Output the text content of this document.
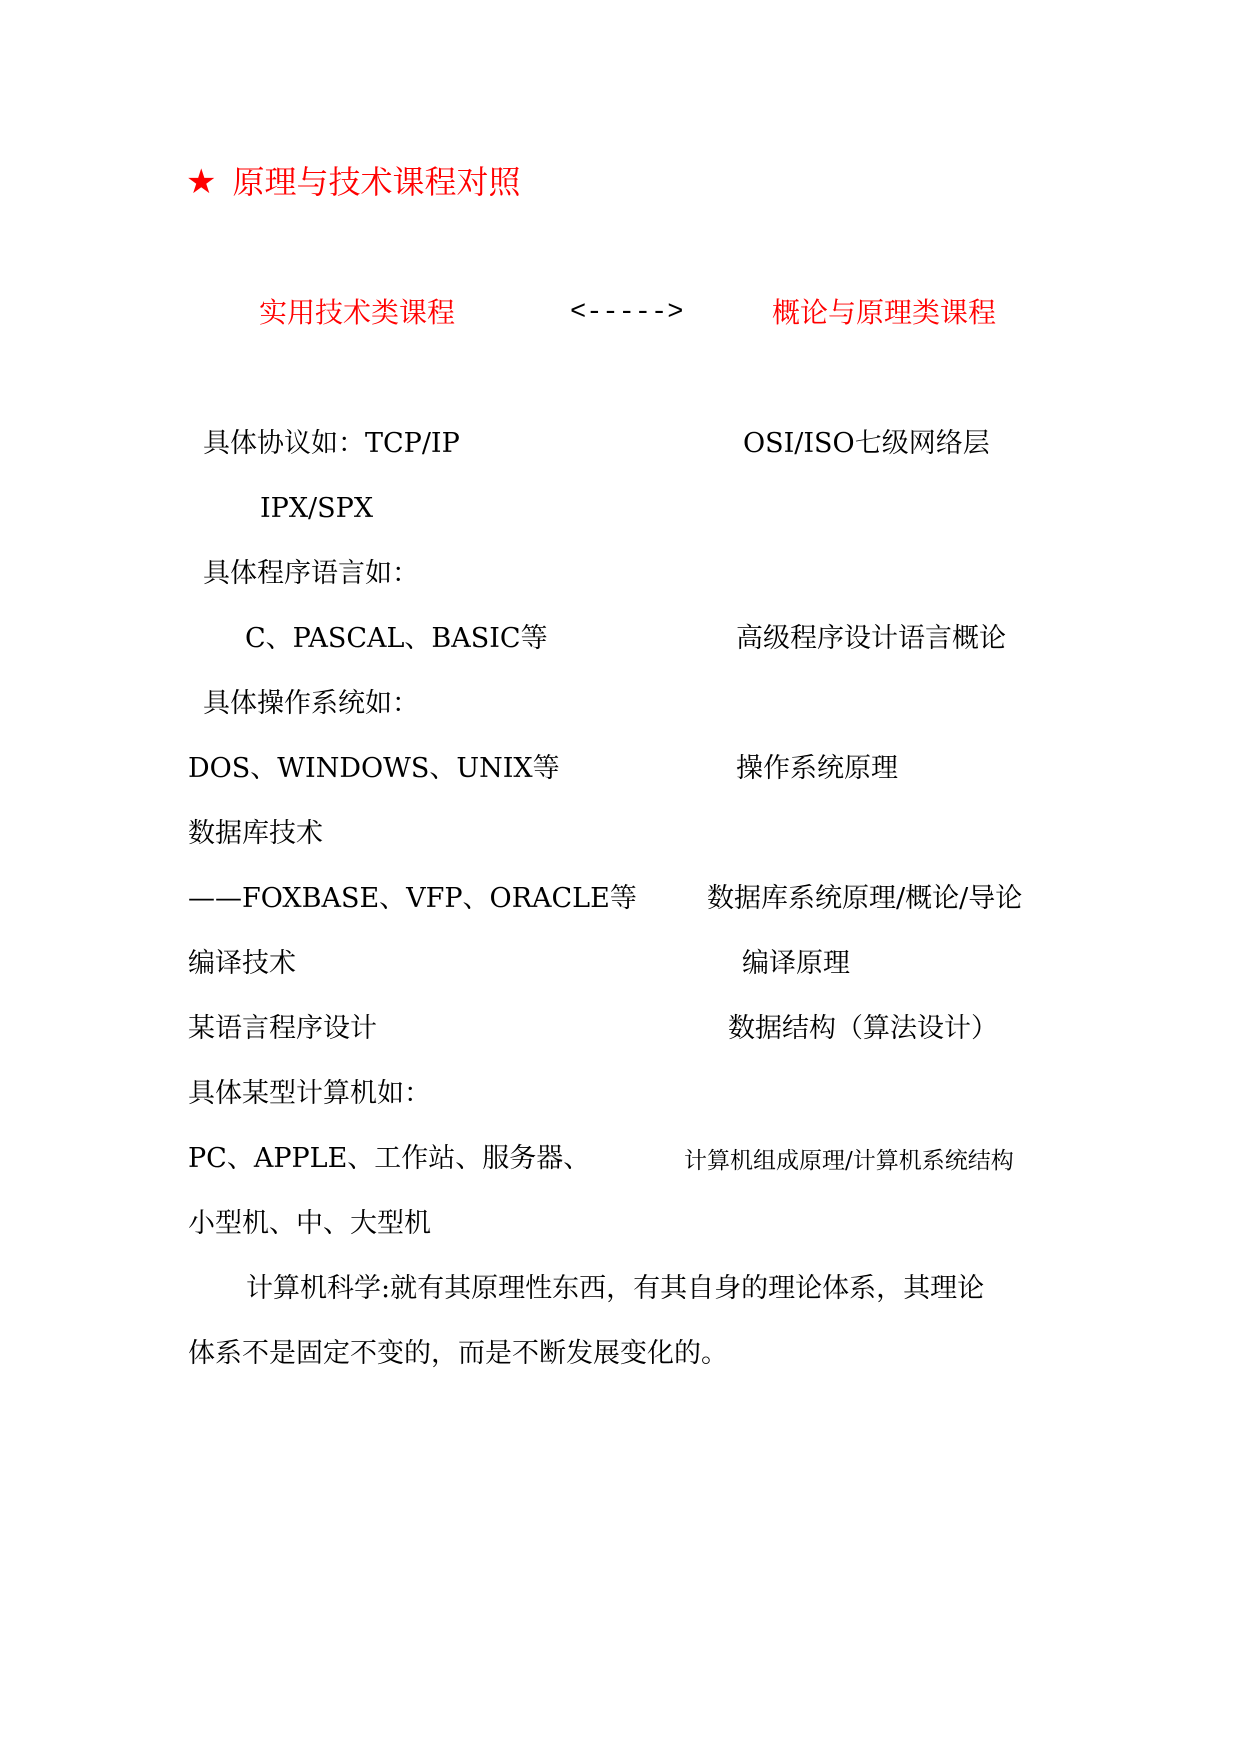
★ 原理与技术课程对照
实用技术类课程	<----->	概论与原理类课程
具体协议如：TCP/IP	OSI/ISO七级网络层
IPX/SPX
具体程序语言如：
C、PASCAL、BASIC等	高级程序设计语言概论
具体操作系统如：
DOS、WINDOWS、UNIX等	操作系统原理
数据库技术
——FOXBASE、VFP、ORACLE等	数据库系统原理/概论/导论
编译技术	编译原理
某语言程序设计	数据结构（算法设计）
具体某型计算机如：
PC、APPLE、工作站、服务器、	计算机组成原理/计算机系统结构
小型机、中、大型机
计算机科学:就有其原理性东西，有其自身的理论体系，其理论
体系不是固定不变的，而是不断发展变化的。
